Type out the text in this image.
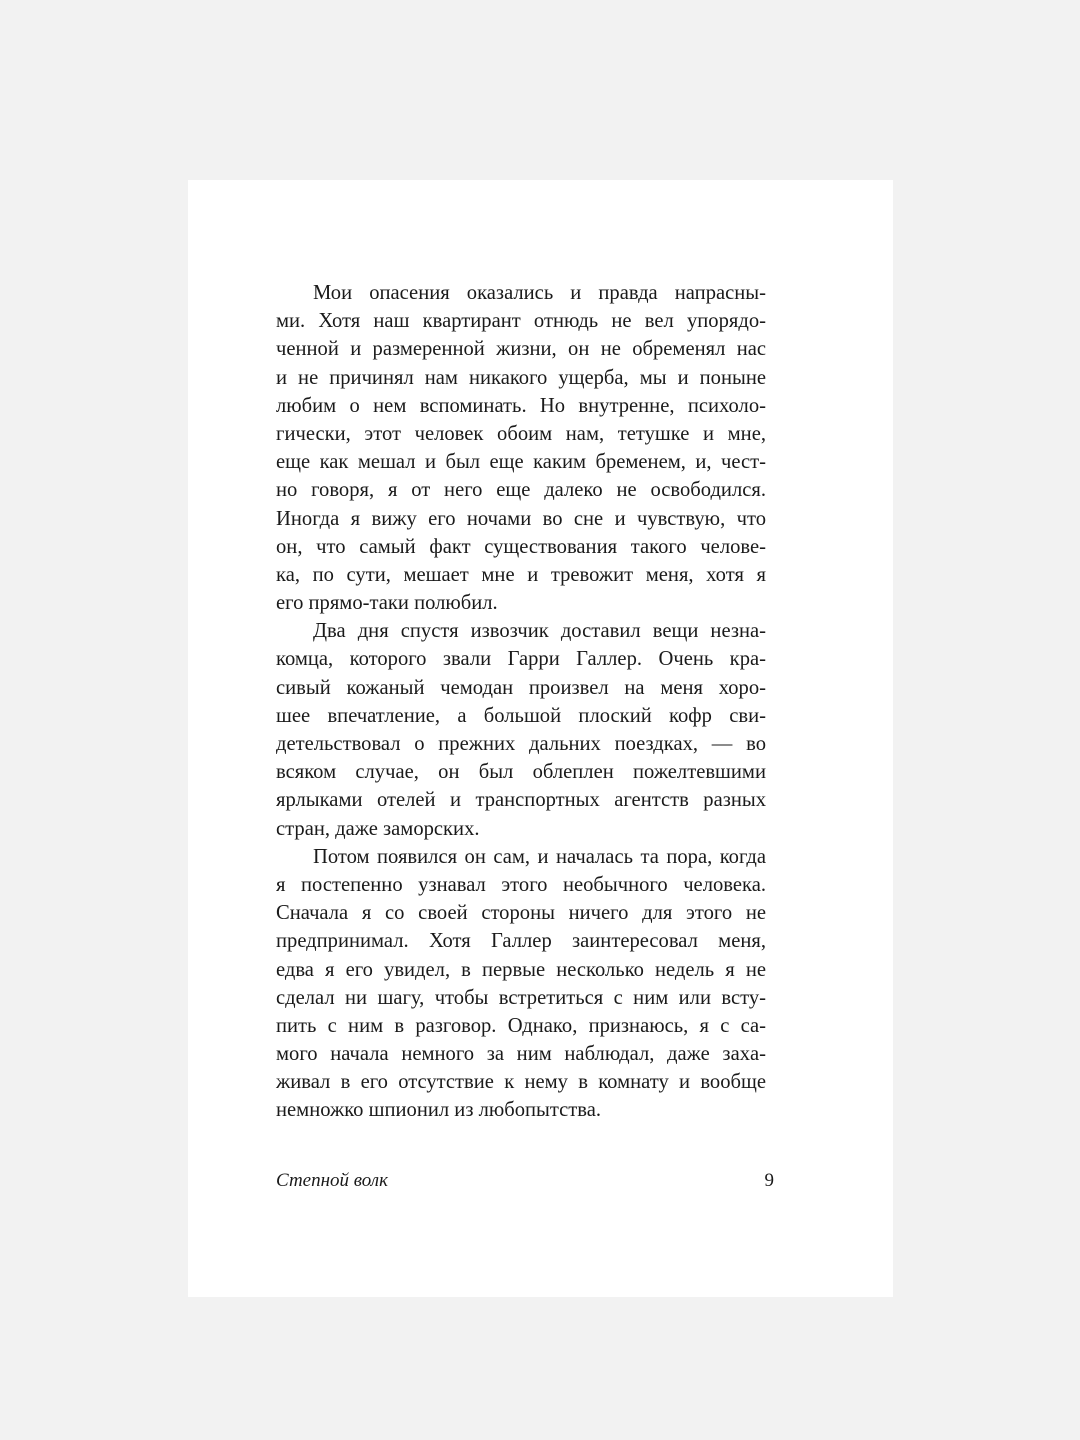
Мои опасения оказались и правда напрасны-
ми. Хотя наш квартирант отнюдь не вел упорядо-
ченной и размеренной жизни, он не обременял нас
и не причинял нам никакого ущерба, мы и поныне
любим о нем вспоминать. Но внутренне, психоло-
гически, этот человек обоим нам, тетушке и мне,
еще как мешал и был еще каким бременем, и, чест-
но говоря, я от него еще далеко не освободился.
Иногда я вижу его ночами во сне и чувствую, что
он, что самый факт существования такого челове-
ка, по сути, мешает мне и тревожит меня, хотя я
его прямо-таки полюбил.
Два дня спустя извозчик доставил вещи незна-
комца, которого звали Гарри Галлер. Очень кра-
сивый кожаный чемодан произвел на меня хоро-
шее впечатление, а большой плоский кофр сви-
детельствовал о прежних дальних поездках, — во
всяком случае, он был облеплен пожелтевшими
ярлыками отелей и транспортных агентств разных
стран, даже заморских.
Потом появился он сам, и началась та пора, когда
я постепенно узнавал этого необычного человека.
Сначала я со своей стороны ничего для этого не
предпринимал. Хотя Галлер заинтересовал меня,
едва я его увидел, в первые несколько недель я не
сделал ни шагу, чтобы встретиться с ним или всту-
пить с ним в разговор. Однако, признаюсь, я с са-
мого начала немного за ним наблюдал, даже захa-
живал в его отсутствие к нему в комнату и вообще
немножко шпионил из любопытства.
Степной волк	9
